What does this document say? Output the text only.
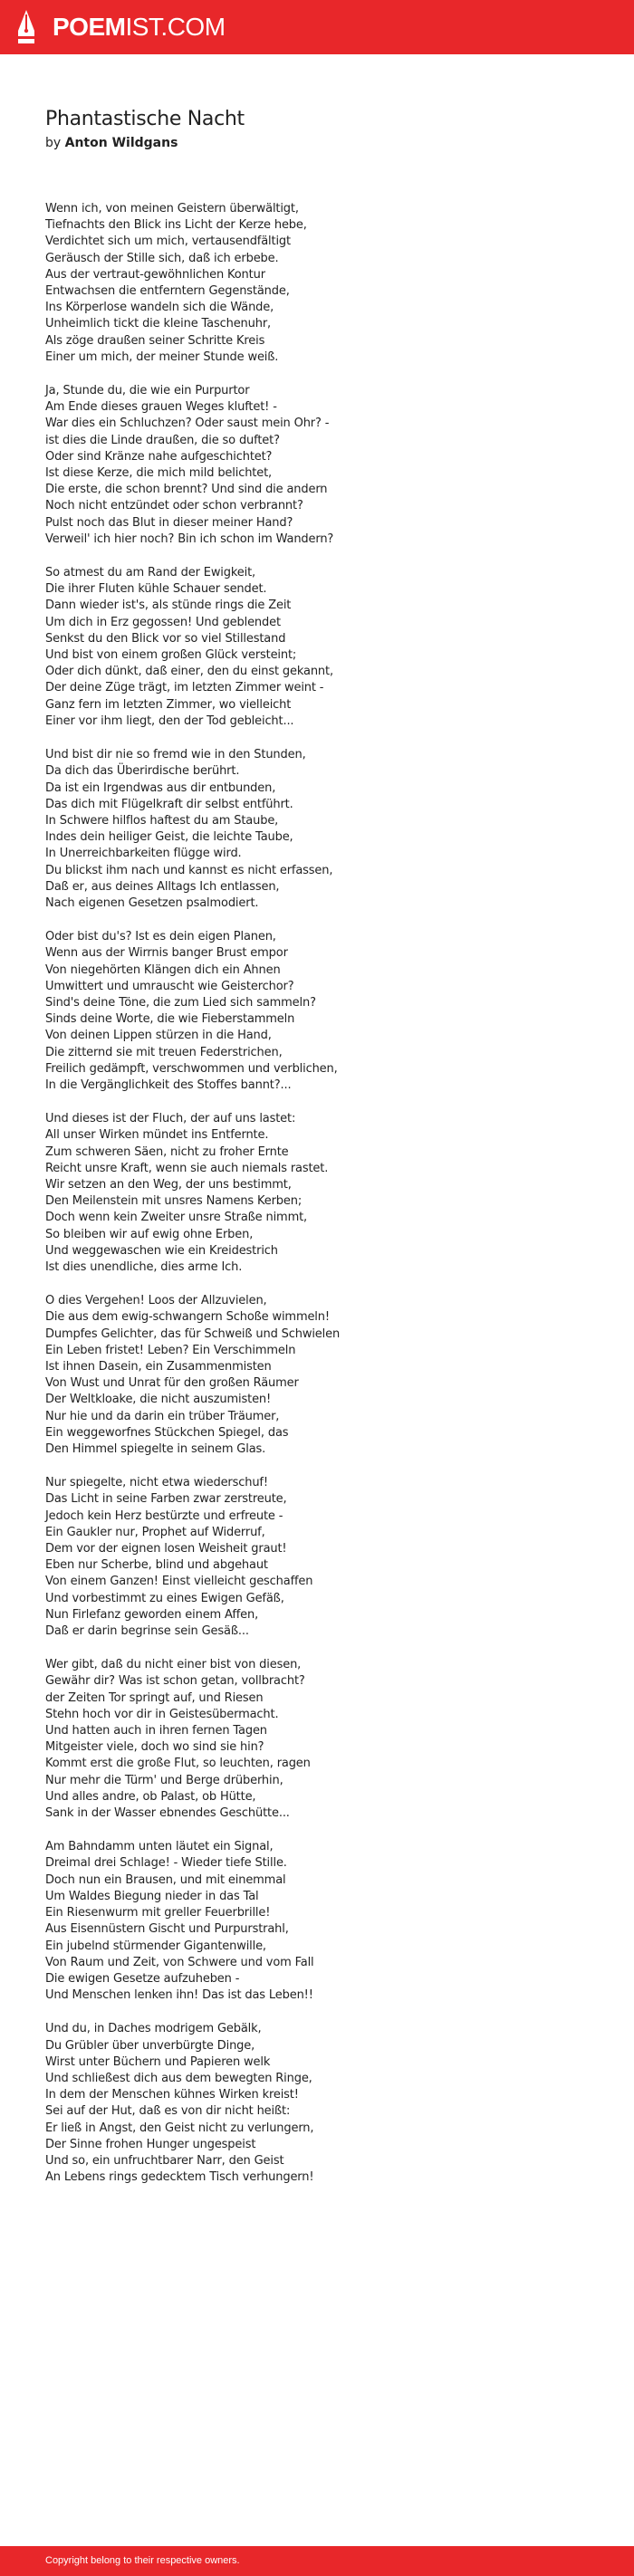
POEMIST.COM
Phantastische Nacht
by Anton Wildgans
Wenn ich, von meinen Geistern überwältigt,
Tiefnachts den Blick ins Licht der Kerze hebe,
Verdichtet sich um mich, vertausendfältigt
Geräusch der Stille sich, daß ich erbebe.
Aus der vertraut-gewöhnlichen Kontur
Entwachsen die entferntern Gegenstände,
Ins Körperlose wandeln sich die Wände,
Unheimlich tickt die kleine Taschenuhr,
Als zöge draußen seiner Schritte Kreis
Einer um mich, der meiner Stunde weiß.
Ja, Stunde du, die wie ein Purpurtor
Am Ende dieses grauen Weges kluftet! -
War dies ein Schluchzen? Oder saust mein Ohr? -
ist dies die Linde draußen, die so duftet?
Oder sind Kränze nahe aufgeschichtet?
Ist diese Kerze, die mich mild belichtet,
Die erste, die schon brennt? Und sind die andern
Noch nicht entzündet oder schon verbrannt?
Pulst noch das Blut in dieser meiner Hand?
Verweil' ich hier noch? Bin ich schon im Wandern?
So atmest du am Rand der Ewigkeit,
Die ihrer Fluten kühle Schauer sendet.
Dann wieder ist's, als stünde rings die Zeit
Um dich in Erz gegossen! Und geblendet
Senkst du den Blick vor so viel Stillestand
Und bist von einem großen Glück versteint;
Oder dich dünkt, daß einer, den du einst gekannt,
Der deine Züge trägt, im letzten Zimmer weint -
Ganz fern im letzten Zimmer, wo vielleicht
Einer vor ihm liegt, den der Tod gebleicht...
Und bist dir nie so fremd wie in den Stunden,
Da dich das Überirdische berührt.
Da ist ein Irgendwas aus dir entbunden,
Das dich mit Flügelkraft dir selbst entführt.
In Schwere hilflos haftest du am Staube,
Indes dein heiliger Geist, die leichte Taube,
In Unerreichbarkeiten flügge wird.
Du blickst ihm nach und kannst es nicht erfassen,
Daß er, aus deines Alltags Ich entlassen,
Nach eigenen Gesetzen psalmodiert.
Oder bist du's? Ist es dein eigen Planen,
Wenn aus der Wirrnis banger Brust empor
Von niegehörten Klängen dich ein Ahnen
Umwittert und umrauscht wie Geisterchor?
Sind's deine Töne, die zum Lied sich sammeln?
Sinds deine Worte, die wie Fieberstammeln
Von deinen Lippen stürzen in die Hand,
Die zitternd sie mit treuen Federstrichen,
Freilich gedämpft, verschwommen und verblichen,
In die Vergänglichkeit des Stoffes bannt?...
Und dieses ist der Fluch, der auf uns lastet:
All unser Wirken mündet ins Entfernte.
Zum schweren Säen, nicht zu froher Ernte
Reicht unsre Kraft, wenn sie auch niemals rastet.
Wir setzen an den Weg, der uns bestimmt,
Den Meilenstein mit unsres Namens Kerben;
Doch wenn kein Zweiter unsre Straße nimmt,
So bleiben wir auf ewig ohne Erben,
Und weggewaschen wie ein Kreidestrich
Ist dies unendliche, dies arme Ich.
O dies Vergehen! Loos der Allzuvielen,
Die aus dem ewig-schwangern Schoße wimmeln!
Dumpfes Gelichter, das für Schweiß und Schwielen
Ein Leben fristet! Leben? Ein Verschimmeln
Ist ihnen Dasein, ein Zusammenmisten
Von Wust und Unrat für den großen Räumer
Der Weltkloake, die nicht auszumisten!
Nur hie und da darin ein trüber Träumer,
Ein weggeworfnes Stückchen Spiegel, das
Den Himmel spiegelte in seinem Glas.
Nur spiegelte, nicht etwa wiederschuf!
Das Licht in seine Farben zwar zerstreute,
Jedoch kein Herz bestürzte und erfreute -
Ein Gaukler nur, Prophet auf Widerruf,
Dem vor der eignen losen Weisheit graut!
Eben nur Scherbe, blind und abgehaut
Von einem Ganzen! Einst vielleicht geschaffen
Und vorbestimmt zu eines Ewigen Gefäß,
Nun Firlefanz geworden einem Affen,
Daß er darin begrinse sein Gesäß...
Wer gibt, daß du nicht einer bist von diesen,
Gewähr dir? Was ist schon getan, vollbracht?
der Zeiten Tor springt auf, und Riesen
Stehn hoch vor dir in Geistesübermacht.
Und hatten auch in ihren fernen Tagen
Mitgeister viele, doch wo sind sie hin?
Kommt erst die große Flut, so leuchten, ragen
Nur mehr die Türm' und Berge drüberhin,
Und alles andre, ob Palast, ob Hütte,
Sank in der Wasser ebnendes Geschütte...
Am Bahndamm unten läutet ein Signal,
Dreimal drei Schlage! - Wieder tiefe Stille.
Doch nun ein Brausen, und mit einemmal
Um Waldes Biegung nieder in das Tal
Ein Riesenwurm mit greller Feuerbrille!
Aus Eisennüstern Gischt und Purpurstrahl,
Ein jubelnd stürmender Gigantenwille,
Von Raum und Zeit, von Schwere und vom Fall
Die ewigen Gesetze aufzuheben -
Und Menschen lenken ihn! Das ist das Leben!!
Und du, in Daches modrigem Gebälk,
Du Grübler über unverbürgte Dinge,
Wirst unter Büchern und Papieren welk
Und schließest dich aus dem bewegten Ringe,
In dem der Menschen kühnes Wirken kreist!
Sei auf der Hut, daß es von dir nicht heißt:
Er ließ in Angst, den Geist nicht zu verlungern,
Der Sinne frohen Hunger ungespeist
Und so, ein unfruchtbarer Narr, den Geist
An Lebens rings gedecktem Tisch verhungern!
Copyright belong to their respective owners.
